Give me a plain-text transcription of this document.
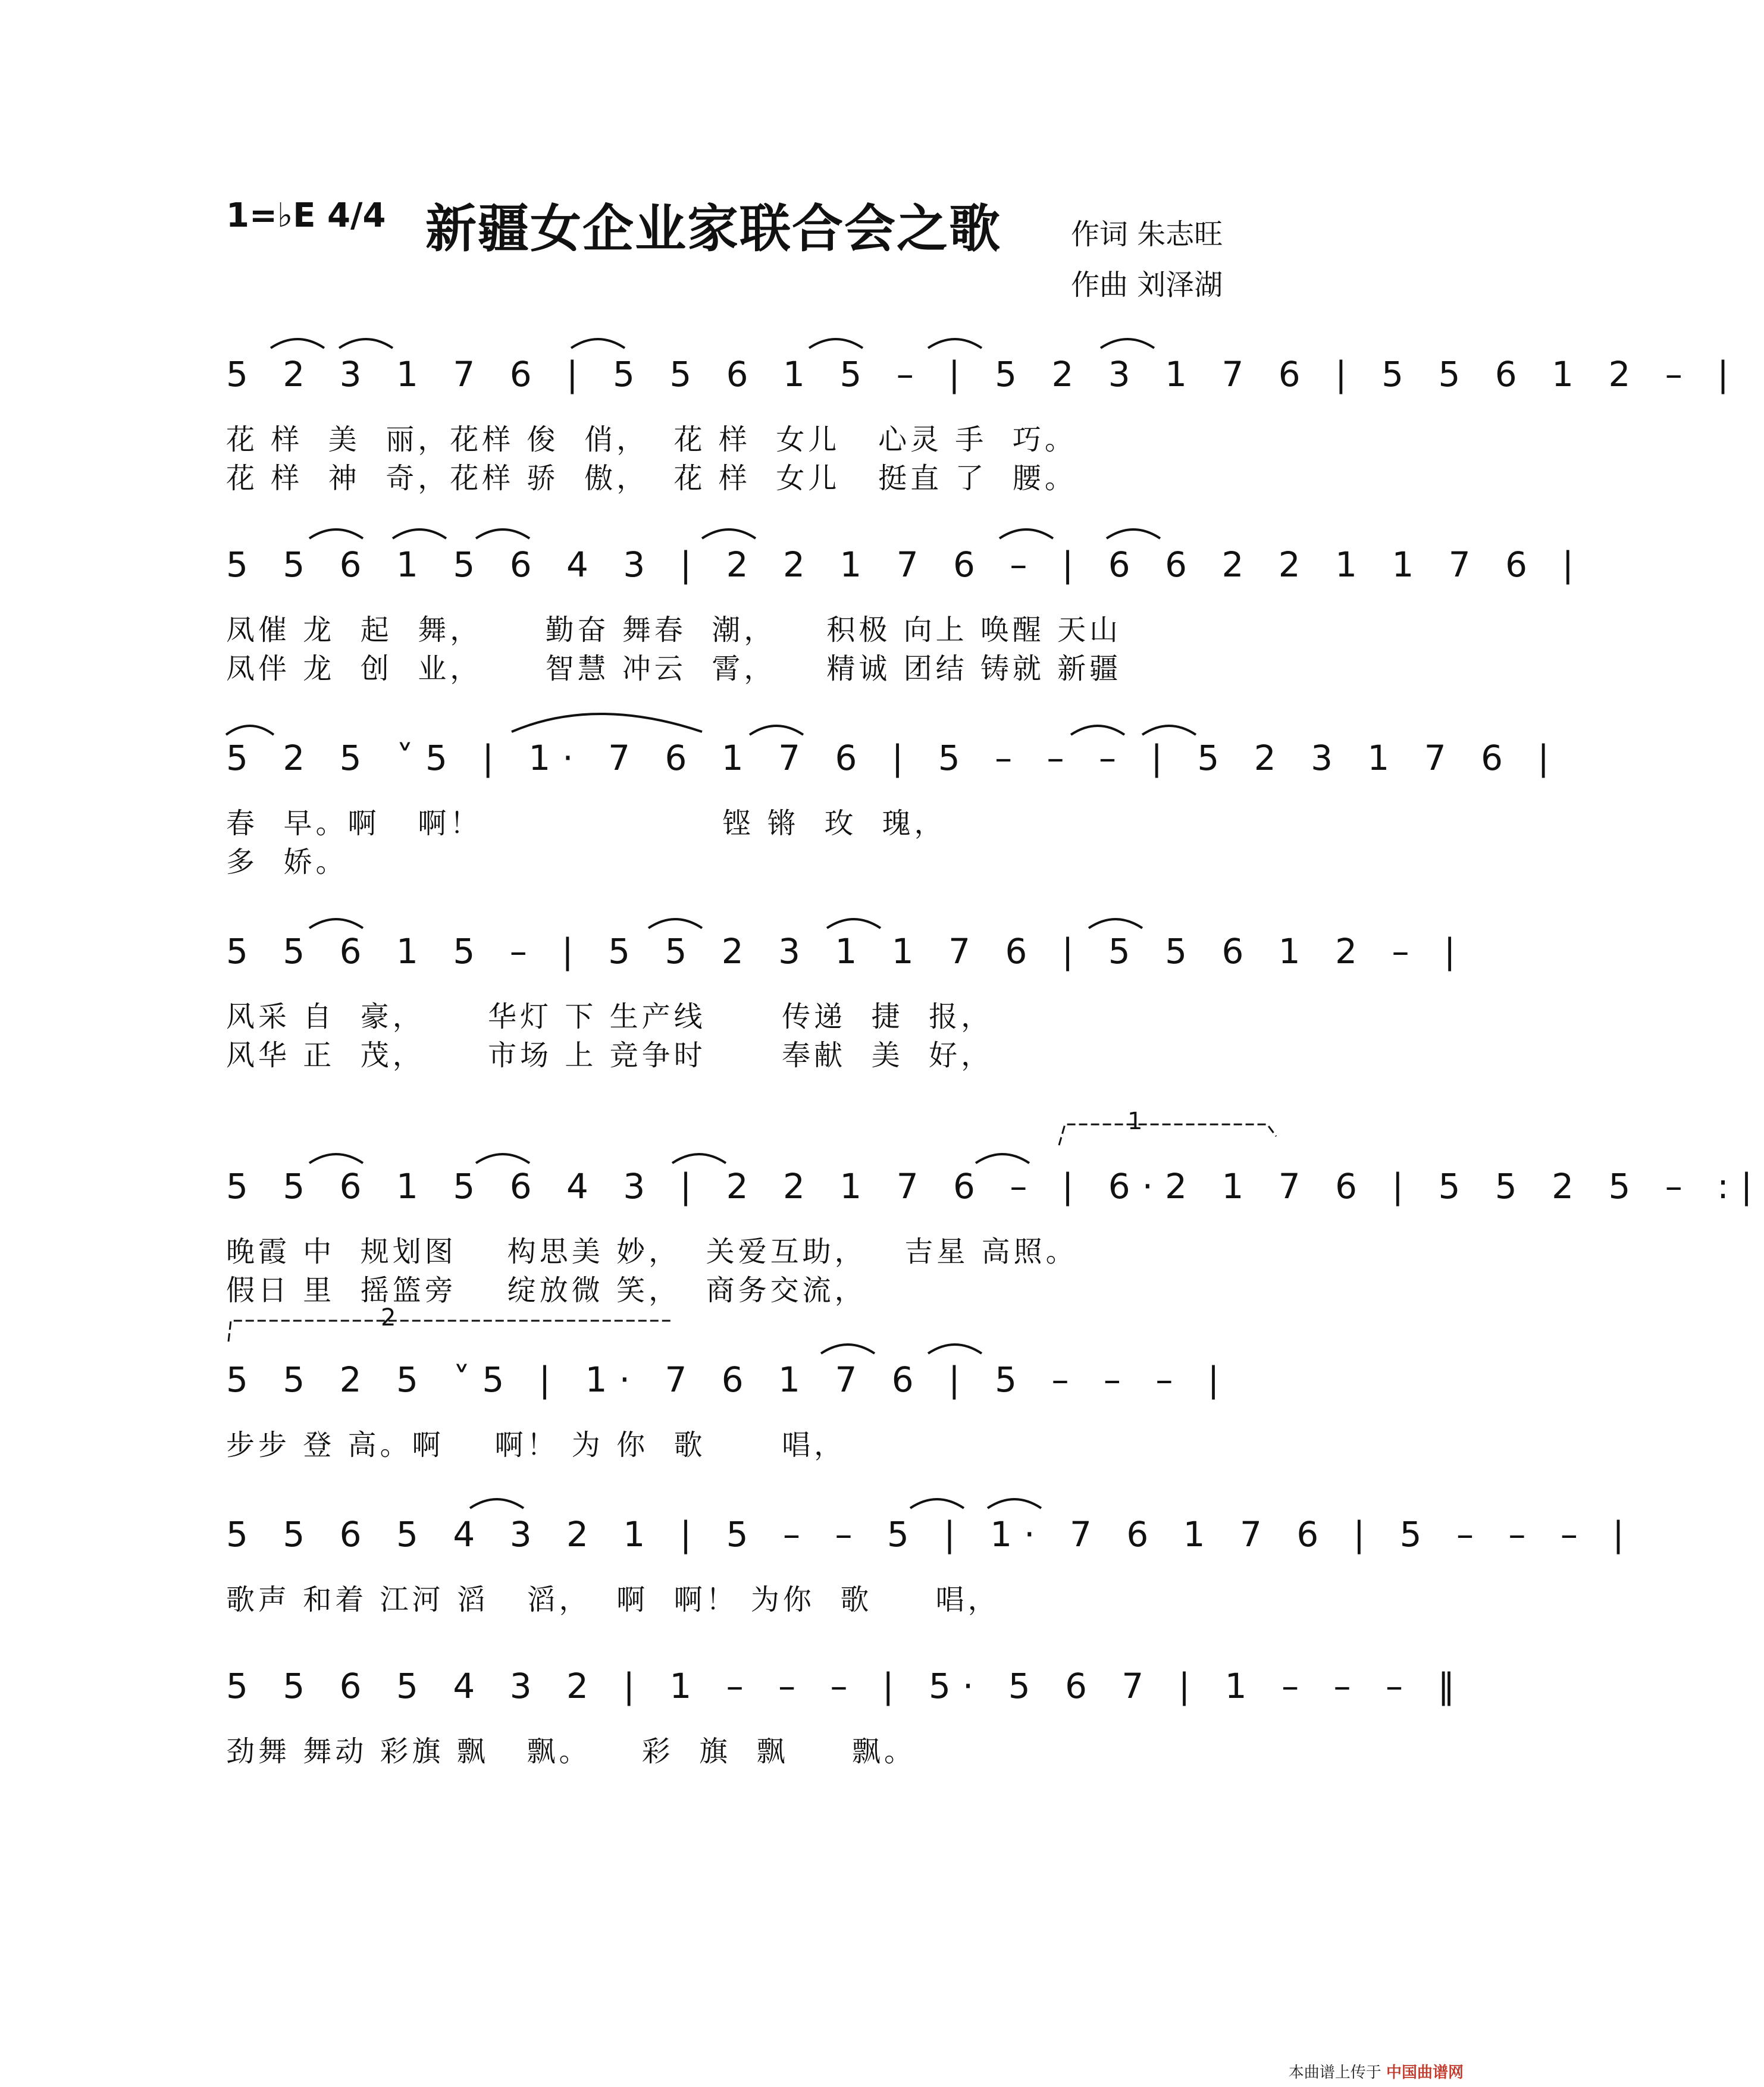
1=♭E 4/4 新疆女企业家联合会之歌 作词 朱志旺
作曲 刘泽湖
5 2 3 1 7 6 | 5 5 6 1 5 – | 5 2 3 1 7 6 | 5 5 6 1 2 – |
花 样  美  丽，花样 俊  俏，  花 样  女儿   心灵 手  巧。
花 样  神  奇，花样 骄  傲，  花 样  女儿   挺直 了  腰。
5 5 6 1 5 6 4 3 | 2 2 1 7 6 – | 6 6 2 2 1 1 7 6 |
凤催 龙  起  舞，     勤奋 舞春  潮，    积极 向上 唤醒 天山
凤伴 龙  创  业，     智慧 冲云  霄，    精诚 团结 铸就 新疆
5 2 5 ˅5 | 1· 7 6 1 7 6 | 5 – – – | 5 2 3 1 7 6 |
春  早。啊   啊！                   铿 锵  玫  瑰，
多  娇。
5 5 6 1 5 – | 5 5 2 3 1 1 7 6 | 5 5 6 1 2 – |
风采 自  豪，     华灯 下 生产线      传递  捷  报，
风华 正  茂，     市场 上 竞争时      奉献  美  好，
1
5 5 6 1 5 6 4 3 | 2 2 1 7 6 – | 6·2 1 7 6 | 5 5 2 5 – :|
晚霞 中  规划图    构思美 妙，  关爱互助，   吉星 高照。
假日 里  摇篮旁    绽放微 笑，  商务交流，
2
5 5 2 5 ˅5 | 1· 7 6 1 7 6 | 5 – – – |
步步 登 高。啊    啊！ 为 你  歌      唱，
5 5 6 5 4 3 2 1 | 5 – – 5 | 1· 7 6 1 7 6 | 5 – – – |
歌声 和着 江河 滔   滔，  啊  啊！ 为你  歌     唱，
5 5 6 5 4 3 2 | 1 – – – | 5· 5 6 7 | 1 – – – ‖
劲舞 舞动 彩旗 飘   飘。    彩  旗  飘     飘。
本曲谱上传于 中国曲谱网
